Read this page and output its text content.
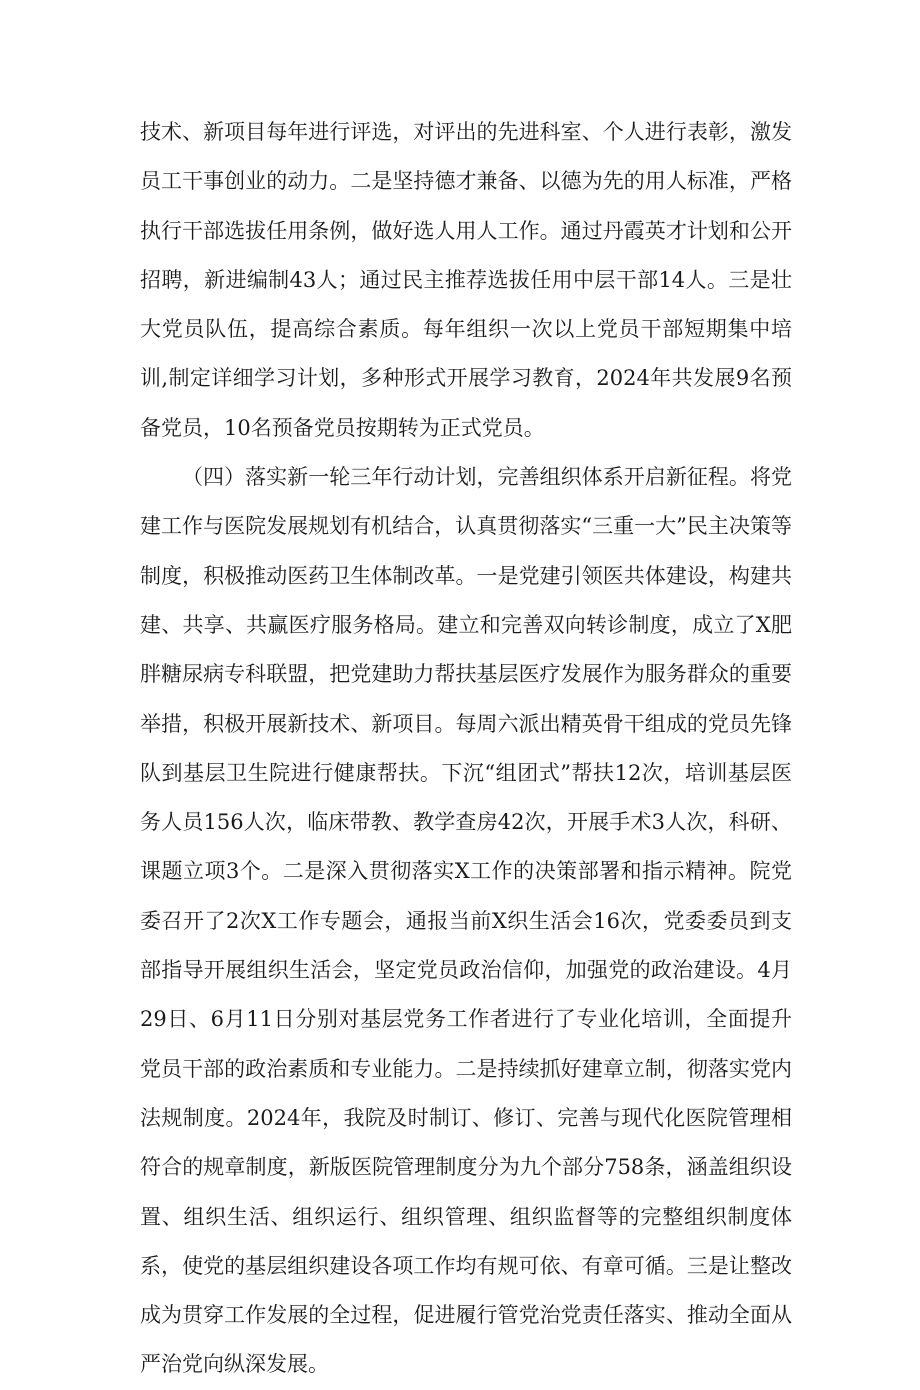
技术、新项目每年进行评选，对评出的先进科室、个人进行表彰，激发员工干事创业的动力。二是坚持德才兼备、以德为先的用人标准，严格执行干部选拔任用条例，做好选人用人工作。通过丹霞英才计划和公开招聘，新进编制43人；通过民主推荐选拔任用中层干部14人。三是壮大党员队伍，提高综合素质。每年组织一次以上党员干部短期集中培训,制定详细学习计划，多种形式开展学习教育，2024年共发展9名预备党员，10名预备党员按期转为正式党员。

（四）落实新一轮三年行动计划，完善组织体系开启新征程。将党建工作与医院发展规划有机结合，认真贯彻落实“三重一大”民主决策等制度，积极推动医药卫生体制改革。一是党建引领医共体建设，构建共建、共享、共赢医疗服务格局。建立和完善双向转诊制度，成立了X肥胖糖尿病专科联盟，把党建助力帮扶基层医疗发展作为服务群众的重要举措，积极开展新技术、新项目。每周六派出精英骨干组成的党员先锋队到基层卫生院进行健康帮扶。下沉“组团式”帮扶12次，培训基层医务人员156人次，临床带教、教学查房42次，开展手术3人次，科研、课题立项3个。二是深入贯彻落实X工作的决策部署和指示精神。院党委召开了2次X工作专题会，通报当前X织生活会16次，党委委员到支部指导开展组织生活会，坚定党员政治信仰，加强党的政治建设。4月29日、6月11日分别对基层党务工作者进行了专业化培训，全面提升党员干部的政治素质和专业能力。二是持续抓好建章立制，彻落实党内法规制度。2024年，我院及时制订、修订、完善与现代化医院管理相符合的规章制度，新版医院管理制度分为九个部分758条，涵盖组织设置、组织生活、组织运行、组织管理、组织监督等的完整组织制度体系，使党的基层组织建设各项工作均有规可依、有章可循。三是让整改成为贯穿工作发展的全过程，促进履行管党治党责任落实、推动全面从严治党向纵深发展。
